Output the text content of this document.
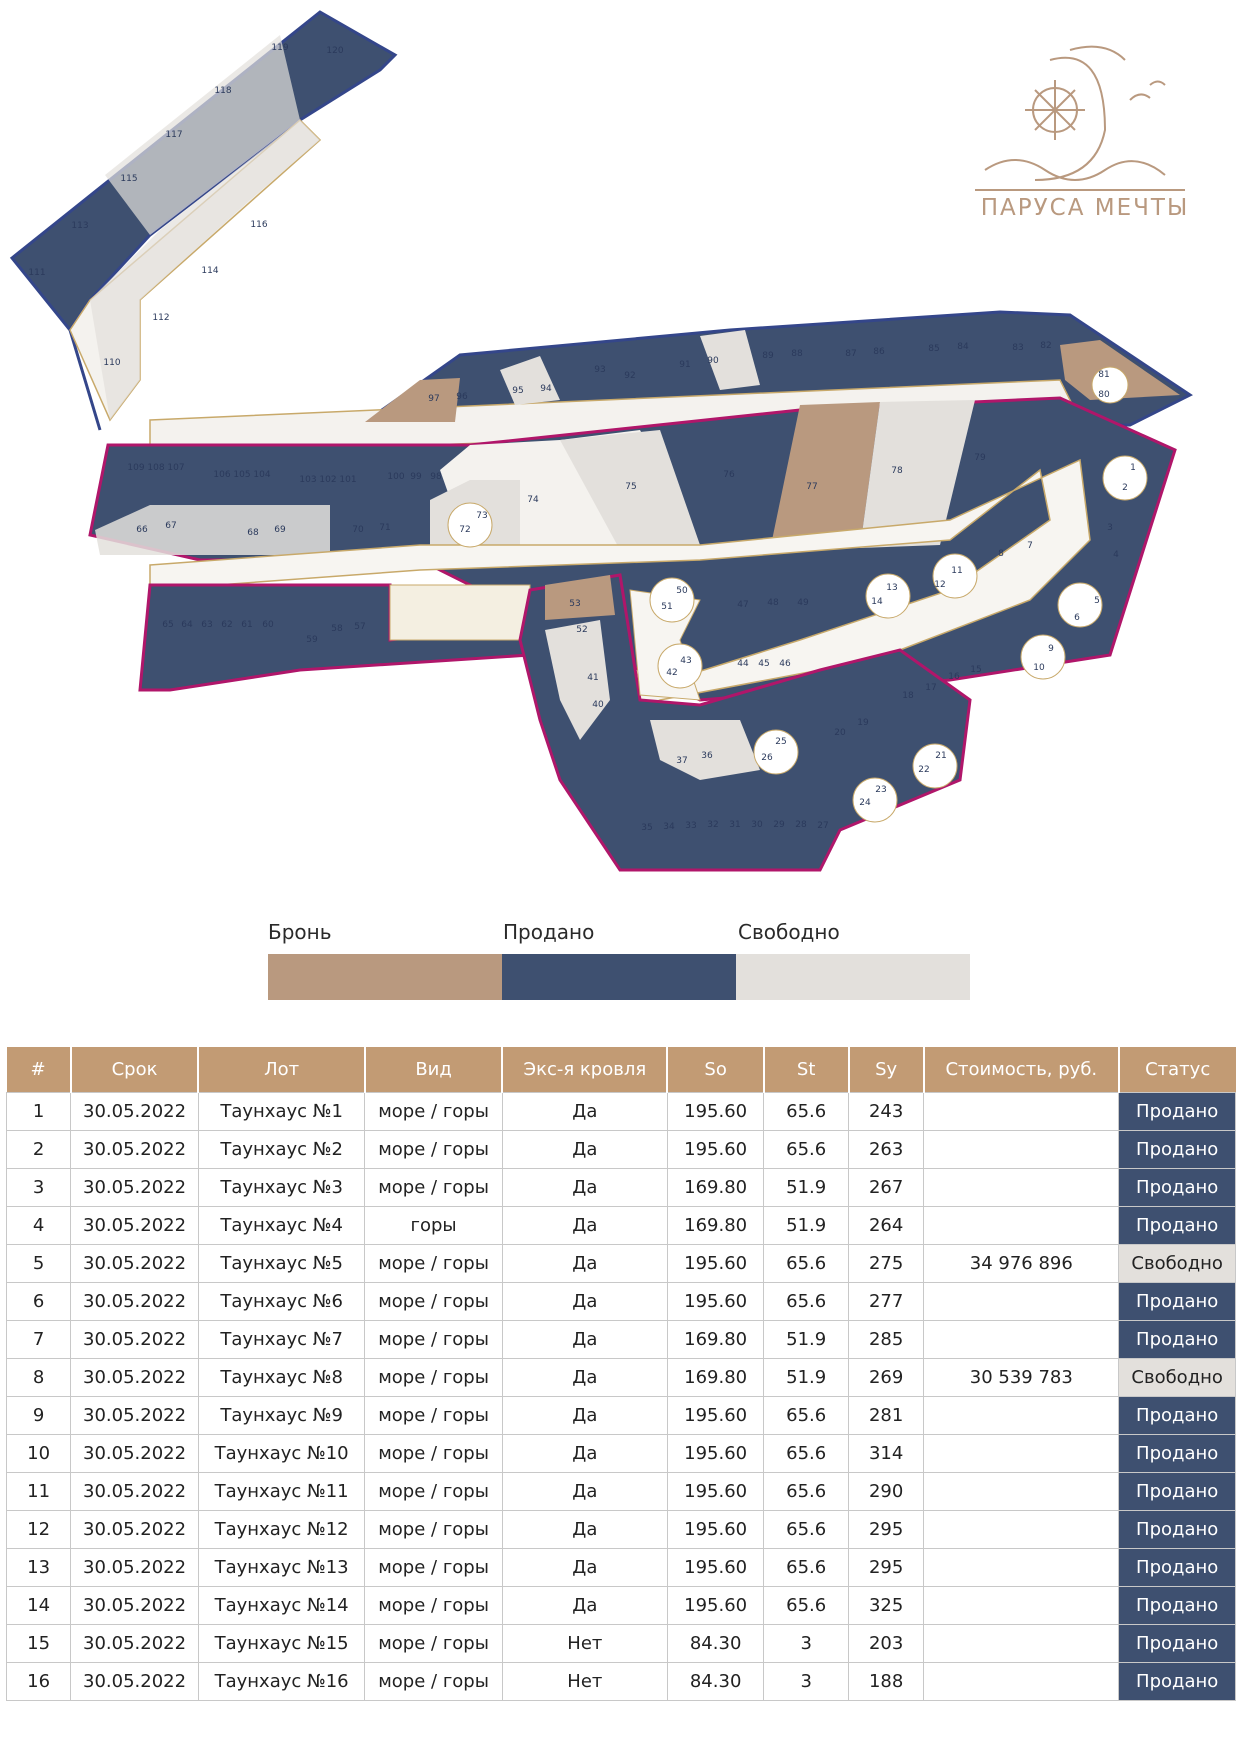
111
113
115
117
118
119	120
110
112
114
116
97 96
95 94
93
92
91 90	89 88	87 86	85 84	83 82
81
80
109 108 107
106 105 104	103 102 101	100 99 98
66 67
68 69	70 71	72
73
74
75
76
77
78
79
1
2
3
4
5
6
7
8
9
10
11
12
13
14
15
16
17
18
19
20
21
22
23
24
25
26
27
28
29
30
31
32
33
34
35
36
37
40
41	42
43	44 45 46
47 48 49
50
51
52
53
57
58
59
60
61
62
63
64
65
ПАРУСА МЕЧТЫ
Бронь	Продано	Свободно
#	Срок	Лот	Вид	Экс-я кровля	So	St	Sy	Стоимость, руб.	Статус
1	30.05.2022	Таунхаус №1	море / горы	Да	195.60	65.6	243		Продано
2	30.05.2022	Таунхаус №2	море / горы	Да	195.60	65.6	263		Продано
3	30.05.2022	Таунхаус №3	море / горы	Да	169.80	51.9	267		Продано
4	30.05.2022	Таунхаус №4	горы	Да	169.80	51.9	264		Продано
5	30.05.2022	Таунхаус №5	море / горы	Да	195.60	65.6	275	34 976 896	Свободно
6	30.05.2022	Таунхаус №6	море / горы	Да	195.60	65.6	277		Продано
7	30.05.2022	Таунхаус №7	море / горы	Да	169.80	51.9	285		Продано
8	30.05.2022	Таунхаус №8	море / горы	Да	169.80	51.9	269	30 539 783	Свободно
9	30.05.2022	Таунхаус №9	море / горы	Да	195.60	65.6	281		Продано
10	30.05.2022	Таунхаус №10	море / горы	Да	195.60	65.6	314		Продано
11	30.05.2022	Таунхаус №11	море / горы	Да	195.60	65.6	290		Продано
12	30.05.2022	Таунхаус №12	море / горы	Да	195.60	65.6	295		Продано
13	30.05.2022	Таунхаус №13	море / горы	Да	195.60	65.6	295		Продано
14	30.05.2022	Таунхаус №14	море / горы	Да	195.60	65.6	325		Продано
15	30.05.2022	Таунхаус №15	море / горы	Нет	84.30	3	203		Продано
16	30.05.2022	Таунхаус №16	море / горы	Нет	84.30	3	188		Продано
